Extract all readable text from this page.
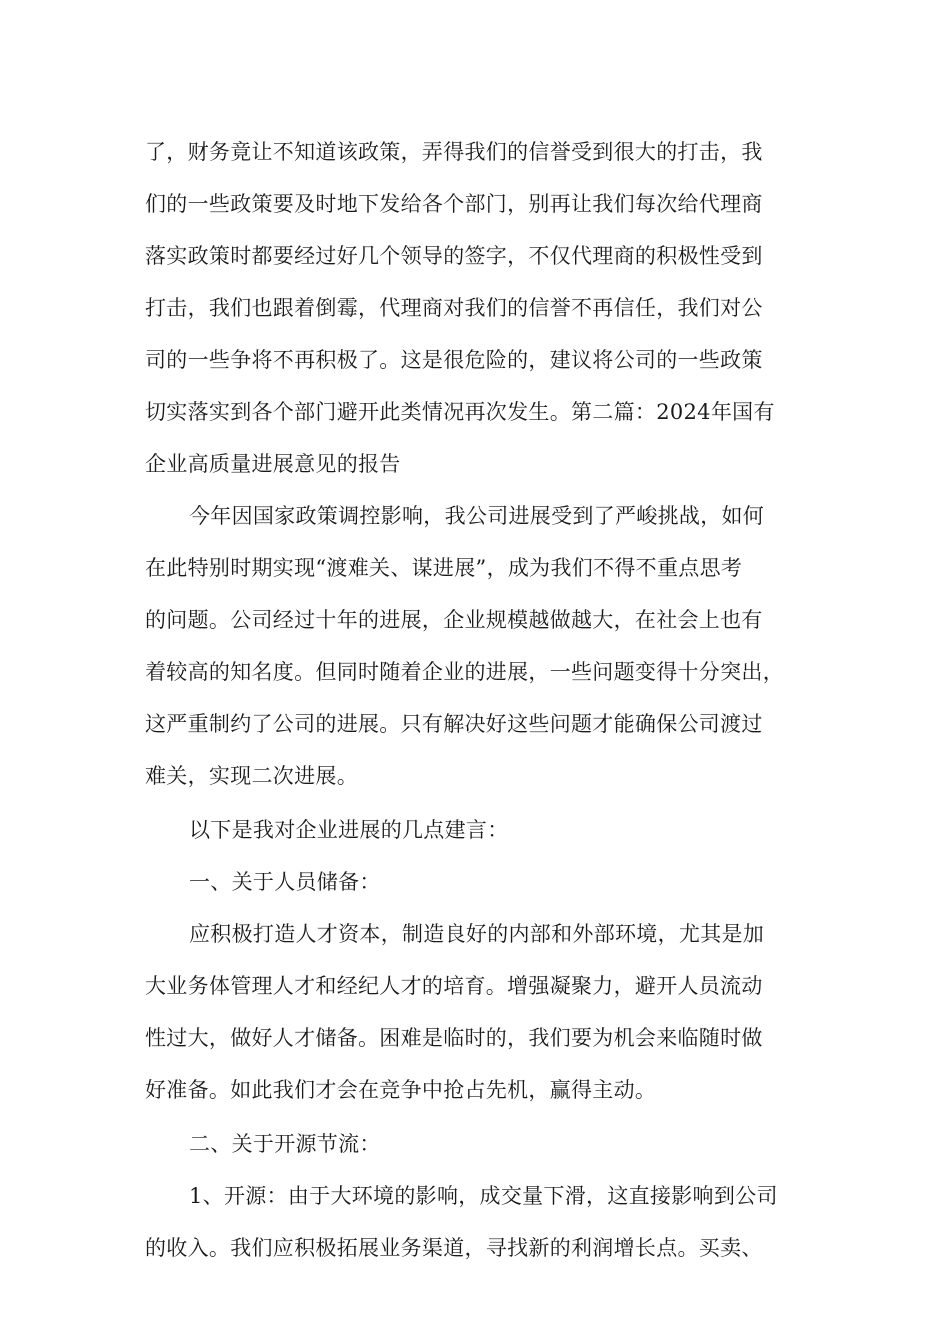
了，财务竟让不知道该政策，弄得我们的信誉受到很大的打击，我
们的一些政策要及时地下发给各个部门，别再让我们每次给代理商
落实政策时都要经过好几个领导的签字，不仅代理商的积极性受到
打击，我们也跟着倒霉，代理商对我们的信誉不再信任，我们对公
司的一些争将不再积极了。这是很危险的，建议将公司的一些政策
切实落实到各个部门避开此类情况再次发生。第二篇：2024年国有
企业高质量进展意见的报告
今年因国家政策调控影响，我公司进展受到了严峻挑战，如何
在此特别时期实现“渡难关、谋进展”，成为我们不得不重点思考
的问题。公司经过十年的进展，企业规模越做越大，在社会上也有
着较高的知名度。但同时随着企业的进展，一些问题变得十分突出，
这严重制约了公司的进展。只有解决好这些问题才能确保公司渡过
难关，实现二次进展。
以下是我对企业进展的几点建言：
一、关于人员储备：
应积极打造人才资本，制造良好的内部和外部环境，尤其是加
大业务体管理人才和经纪人才的培育。增强凝聚力，避开人员流动
性过大，做好人才储备。困难是临时的，我们要为机会来临随时做
好准备。如此我们才会在竞争中抢占先机，赢得主动。
二、关于开源节流：
1、开源：由于大环境的影响，成交量下滑，这直接影响到公司
的收入。我们应积极拓展业务渠道，寻找新的利润增长点。买卖、
